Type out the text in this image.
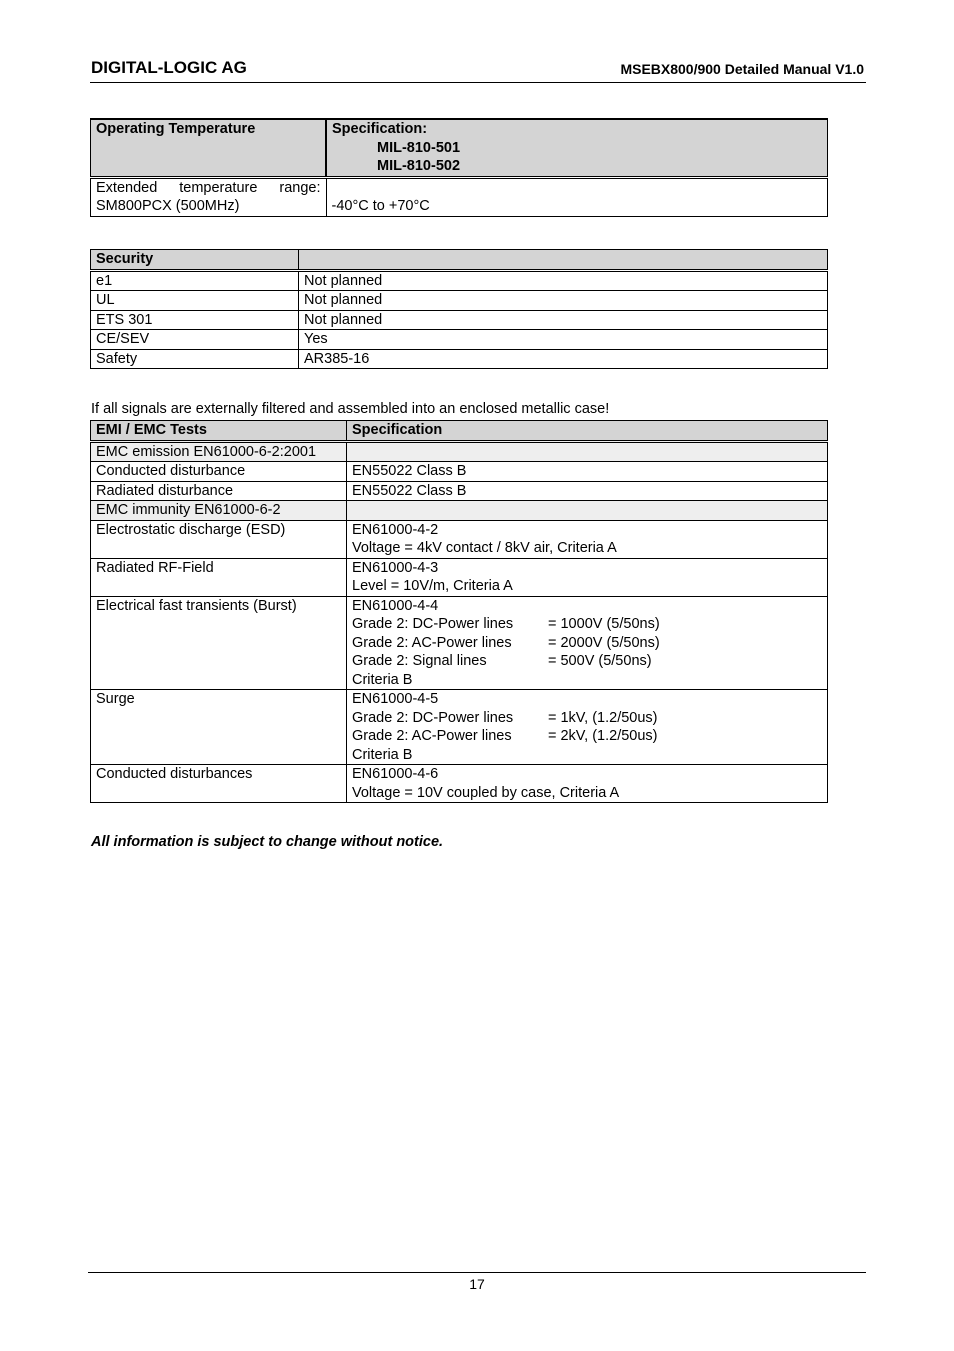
DIGITAL-LOGIC AG	MSEBX800/900 Detailed Manual V1.0
Operating Temperature	Specification:
MIL-810-501
MIL-810-502

Extended temperature range:
SM800PCX (500MHz)	-40°C to +70°C
Security	
e1	Not planned
UL	Not planned
ETS 301	Not planned
CE/SEV	Yes
Safety	AR385-16
If all signals are externally filtered and assembled into an enclosed metallic case!
EMI / EMC Tests	Specification
EMC emission EN61000-6-2:2001	
Conducted disturbance	EN55022 Class B
Radiated disturbance	EN55022 Class B
EMC immunity EN61000-6-2	
Electrostatic discharge (ESD)	EN61000-4-2
Voltage = 4kV contact / 8kV air, Criteria A

Radiated RF-Field	EN61000-4-3
Level = 10V/m, Criteria A

Electrical fast transients (Burst)	EN61000-4-4
Grade 2: DC-Power lines = 1000V (5/50ns)
Grade 2: AC-Power lines = 2000V (5/50ns)
Grade 2: Signal lines = 500V (5/50ns)
Criteria B

Surge	EN61000-4-5
Grade 2: DC-Power lines = 1kV, (1.2/50us)
Grade 2: AC-Power lines = 2kV, (1.2/50us)
Criteria B

Conducted disturbances	EN61000-4-6
Voltage = 10V coupled by case, Criteria A
All information is subject to change without notice.
17
